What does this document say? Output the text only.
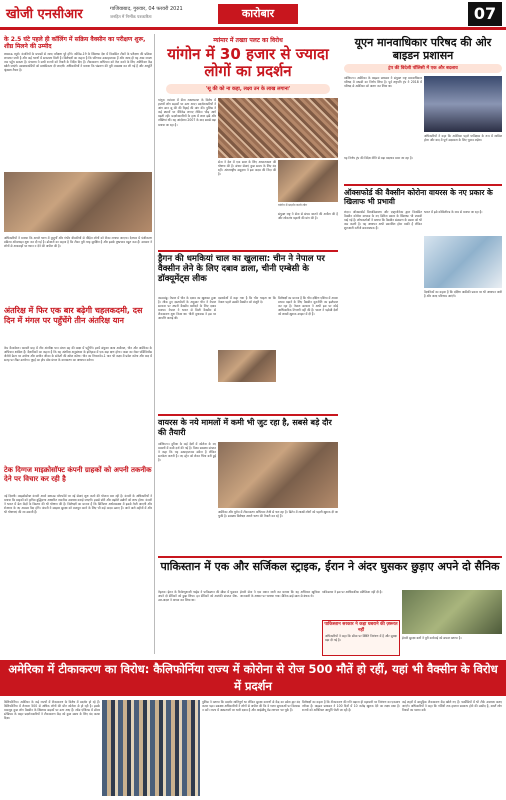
खोजी एनसीआर	गाजियाबाद, गुरुवार, 04 फरवरी 2021
जनहित में निर्भीक पत्रकारिता	कारोबार	07
के 2.5 घंटे पहले ही कॉलिंग में सक्रिय वैक्सीन का परीक्षण शुरू, शीघ्र मिलने की उम्मीद
लखनऊ ब्यूरो। कंपनियों के प्रयासों से जल्द परीक्षण पूरे होंगे। कोविड-19 के खिलाफ देश में विकसित टीकों के परीक्षण की प्रक्रिया लगातार जारी है और कई चरणों में सफलता मिली है। विशेषज्ञों का कहना है कि परिणाम उत्साहजनक हैं और जल्द ही यह आम जनता तक पहुँच सकता है। मंत्रालय ने सभी राज्यों को तैयारी के निर्देश दिए हैं। टीकाकरण अभियान को तेज करने के लिए अतिरिक्त केंद्र खोले जाएंगे। स्वास्थ्यकर्मियों को प्राथमिकता दी जाएगी। अधिकारियों ने बताया कि भंडारण की पूरी व्यवस्था कर ली गई है और आपूर्ति श्रृंखला तैयार है।
अधिकारियों ने बताया कि अगले चरण में बुजुर्गों और गंभीर बीमारियों से पीड़ित लोगों को टीका लगाया जाएगा। देशभर में पंजीकरण प्रक्रिया ऑनलाइन शुरू कर दी गई है। डॉक्टरों का कहना है कि टीका पूरी तरह सुरक्षित है और इसके दुष्प्रभाव बहुत कम हैं। सरकार ने लोगों से अफवाहों पर ध्यान न देने की अपील की है।
अंतरिक्ष में फिर एक बार बढ़ेगी चहलकदमी, दस दिन में मंगल पर पहुँचेंगे तीन अंतरिक्ष यान
केप कैनावेरल। फरवरी माह में तीन अंतरिक्ष यान मंगल ग्रह की कक्षा में पहुँचेंगे। इनमें संयुक्त अरब अमीरात, चीन और अमेरिका के अभियान शामिल हैं। वैज्ञानिकों का कहना है कि यह अंतरिक्ष अनुसंधान के इतिहास में एक बड़ा क्षण होगा। नासा का रोवर पर्सिवियरेंस जेजेरो क्रेटर पर उतरेगा और प्राचीन जीवन के संकेतों की खोज करेगा। चीन का तियानवेन-1 यान भी कक्षा में प्रवेश करेगा और बाद में सतह पर लैंडर उतारेगा। यूएई का होप प्रोब मंगल के वातावरण का अध्ययन करेगा।
टेक दिग्गज माइक्रोसॉफ्ट कंपनी ग्राहकों को अपनी तकनीक देने पर विचार कर रही है
नई दिल्ली। माइक्रोसॉफ्ट कंपनी अपने क्लाउड प्लेटफॉर्म पर नई सेवाएं शुरू करने की योजना बना रही है। कंपनी के अधिकारियों ने बताया कि ग्राहकों को कृत्रिम बुद्धिमत्ता आधारित तकनीक उपलब्ध कराई जाएगी। इससे छोटे और मझोले उद्योगों को लाभ होगा। कंपनी ने भारत में डेटा केंद्रों के विस्तार की भी घोषणा की है। विशेषज्ञों का मानना है कि डिजिटल अर्थव्यवस्था में इससे तेजी आएगी और रोजगार के नए अवसर पैदा होंगे। कंपनी ने साइबर सुरक्षा को मजबूत करने के लिए भी कई कदम उठाए हैं। आने वाले महीनों में और भी घोषणाएं की जा सकती हैं।
म्यांमार में तख्ता पलट का विरोध
यांगोन में 30 हजार से ज्यादा लोगों का प्रदर्शन
'सू की को ना कहा, लक्ष्य उन के लाख लगाना'
यांगून। म्यांमार में सैन्य तख्तापलट के विरोध में हजारों लोग सड़कों पर उतर आए। प्रदर्शनकारियों ने आंग सान सू की की रिहाई की मांग की। पुलिस ने कई स्थानों पर बैरिकेड लगाए लेकिन भीड़ आगे बढ़ती रही। प्रदर्शनकारियों के हाथ में लाल झंडे और तख्तियां थीं। यह आंदोलन 2007 के बाद सबसे बड़ा बताया जा रहा है।
सेना ने देश में एक साल के लिए आपातकाल की घोषणा की है। संचार सेवाएं कुछ समय के लिए बंद रहीं। अंतरराष्ट्रीय समुदाय ने इस कदम की निंदा की है।
यांगोन में प्रदर्शन करते लोग
संयुक्त राष्ट्र ने सेना से संयम बरतने की अपील की है और लोकतंत्र बहाली की मांग की है।
ड्रैगन की धमकियां चाल का खुलासा: चीन ने नेपाल पर वैक्सीन लेने के लिए दबाव डाला, चीनी एम्बेसी के डॉक्यूमेंट्स लीक
काठमांडू। नेपाल में चीन के दबाव का खुलासा हुआ है। लीक हुए दस्तावेजों के अनुसार चीन ने नेपाल सरकार पर अपनी वैक्सीन खरीदने के लिए दबाव बनाया। नेपाल ने भारत से मिली वैक्सीन से टीकाकरण शुरू किया था। चीनी दूतावास ने इस पर आपत्ति जताई थी।
दस्तावेजों में कहा गया है कि चीन चाहता था कि नेपाल पहले उसकी वैक्सीन को मंजूरी दे।
विशेषज्ञों का मानना है कि चीन दक्षिण एशिया में अपना प्रभाव बढ़ाने के लिए वैक्सीन कूटनीति का इस्तेमाल कर रहा है। नेपाल सरकार ने अभी इस पर कोई आधिकारिक टिप्पणी नहीं की है। भारत ने पड़ोसी देशों को लाखों खुराक उपहार में दी हैं।
वायरस के नये मामलों में कमी भी जुट रहा है, सबसे बड़े दौर की तैयारी
वाशिंगटन। दुनिया के कई देशों में कोरोना के नए मामलों में कमी दर्ज की गई है। विश्व स्वास्थ्य संगठन ने कहा कि यह उत्साहजनक संकेत है लेकिन सतर्कता जरूरी है। नए स्ट्रेन को लेकर चिंता बनी हुई है।
अमेरिका और यूरोप में टीकाकरण अभियान तेजी से चल रहा है। ब्रिटेन में लाखों लोगों को पहली खुराक दी जा चुकी है। स्वास्थ्य विशेषज्ञ अगले चरण की तैयारी कर रहे हैं।
यूएन मानवाधिकार परिषद की ओर बाइडन प्रशासन
ट्रंप की विदेशी पॉलिसी में एक और बदलाव
वाशिंगटन। अमेरिका के बाइडन प्रशासन ने संयुक्त राष्ट्र मानवाधिकार परिषद में वापसी का निर्णय लिया है। पूर्व राष्ट्रपति ट्रंप ने 2018 में परिषद से अमेरिका को अलग कर लिया था।
अधिकारियों ने कहा कि अमेरिका पहले पर्यवेक्षक के रूप में शामिल होगा और बाद में पूर्ण सदस्यता के लिए चुनाव लड़ेगा।
यह निर्णय ट्रंप की विदेश नीति से बड़ा बदलाव माना जा रहा है।
ऑक्सफोर्ड की वैक्सीन कोरोना वायरस के नए प्रकार के खिलाफ भी प्रभावी
लंदन। ऑक्सफोर्ड विश्वविद्यालय और एस्ट्राजेनेका द्वारा विकसित वैक्सीन कोरोना वायरस के नए ब्रिटिश प्रकार के खिलाफ भी प्रभावी पाई गई है। शोधकर्ताओं ने बताया कि वैक्सीन संक्रमण के प्रसार को भी कम करती है। यह अध्ययन अभी प्रकाशित होना बाकी है लेकिन शुरुआती नतीजे सकारात्मक हैं।
वैज्ञानिकों का कहना है कि दक्षिण अफ्रीकी प्रकार पर भी अध्ययन जारी है और जल्द परिणाम आएंगे।
भारत में इसे कोविशील्ड के नाम से बनाया जा रहा है।
पाकिस्तान में एक और सर्जिकल स्ट्राइक, ईरान ने अंदर घुसकर छुड़ाए अपने दो सैनिक
तेहरान। ईरान के रिवोल्यूशनरी गार्ड्स ने पाकिस्तान की सीमा में घुसकर अपने दो सैनिकों को छुड़ा लिया। इन सैनिकों को आतंकी संगठन जैश-उल-अदल ने अगवा कर लिया था।
ईरानी सेना ने एक बयान जारी कर बताया कि यह अभियान खुफिया जानकारी के आधार पर चलाया गया। सैनिक ढाई साल से बंधक थे।
पाकिस्तान ने इस पर आधिकारिक प्रतिक्रिया नहीं दी है।
पाकिस्तान सरकार ने कहा घबराने की ज़रूरत नहीं
अधिकारियों ने कहा कि सीमा पर स्थिति नियंत्रण में है और सुरक्षा बढ़ा दी गई है।
ईरानी सुरक्षा बलों ने पूरी कार्रवाई को सफल बताया है।
अमेरिका में टीकाकरण का विरोध: कैलिफोर्निया राज्य में कोरोना से रोज 500 मौतें हो रहीं, यहां भी वैक्सीन के विरोध में प्रदर्शन
कैलिफोर्निया। अमेरिका के कई राज्यों में टीकाकरण के विरोध में प्रदर्शन हो रहे हैं। कैलिफोर्निया में रोजाना 500 से अधिक लोगों की मौत कोरोना से हो रही है। इसके बावजूद कुछ लोग वैक्सीन के खिलाफ सड़कों पर उतर आए हैं। लॉस एंजिल्स में डॉजर स्टेडियम के बाहर प्रदर्शनकारियों ने टीकाकरण केंद्र को कुछ समय के लिए बंद करवा दिया।
पुलिस ने बताया कि प्रदर्शन शांतिपूर्ण था लेकिन सुरक्षा कारणों से केंद्र का प्रवेश द्वार बंद करना पड़ा। स्वास्थ्य अधिकारियों ने लोगों से अपील की कि वे गलत सूचनाओं पर विश्वास न करें। राज्य में अस्पतालों पर भारी दबाव है और आईसीयू बेड लगभग भर चुके हैं।
विशेषज्ञों का कहना है कि टीकाकरण की गति बढ़ाना ही महामारी पर नियंत्रण का एकमात्र तरीका है। बाइडन प्रशासन ने 100 दिनों में 10 करोड़ खुराक देने का लक्ष्य रखा है। राज्यों को अतिरिक्त आपूर्ति भेजी जा रही है।
कई शहरों में सामूहिक टीकाकरण केंद्र खोले गए हैं। फार्मेसियों में भी टीके उपलब्ध कराए जाएंगे। अधिकारियों ने कहा कि गर्मियों तक हालात सामान्य होने की उम्मीद है, बशर्ते लोग नियमों का पालन करें।
